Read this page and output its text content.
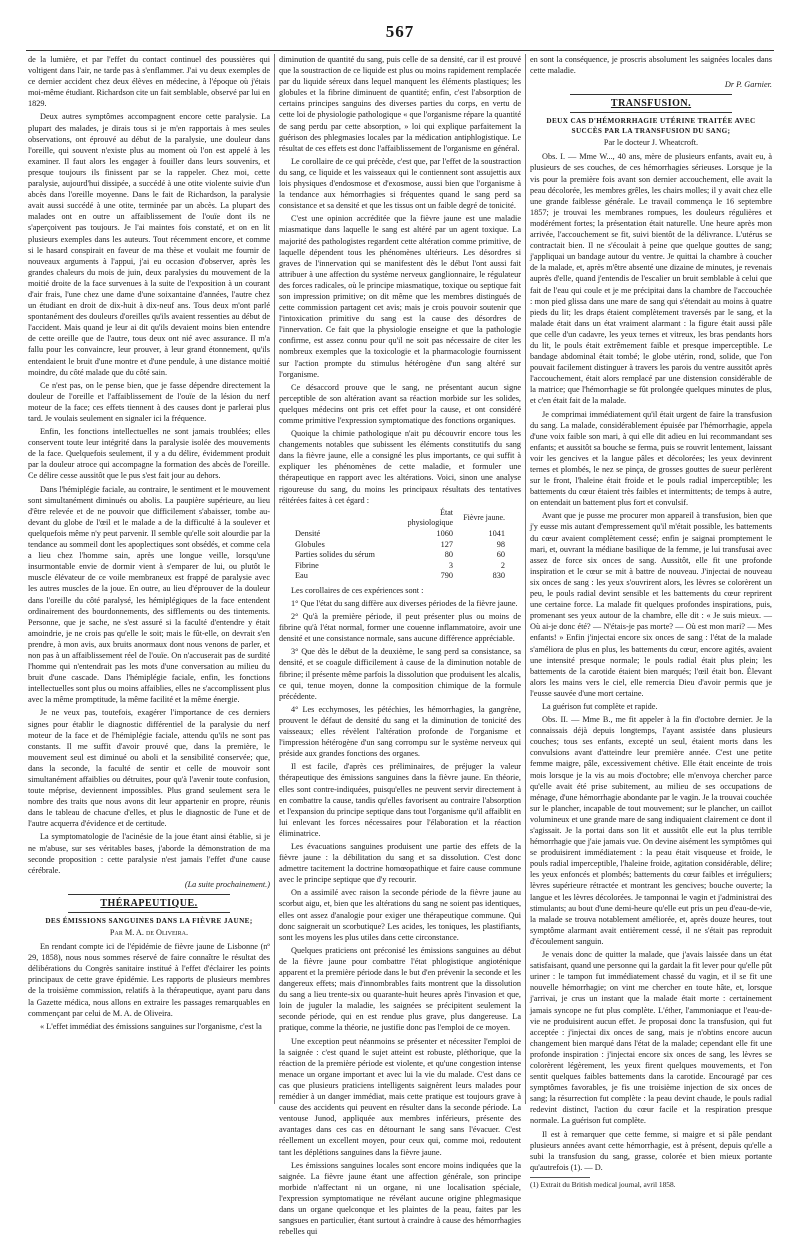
567

de la lumière, et par l'effet du contact continuel des poussières qui voltigent dans l'air, ne tarde pas à s'enflammer. J'ai vu deux exemples de ce dernier accident chez deux élèves en médecine, à l'époque où j'étais moi-même étudiant. Richardson cite un fait semblable, observé par lui en 1829.

Deux autres symptômes accompagnent encore cette paralysie. La plupart des malades, je dirais tous si je m'en rapportais à mes seules observations, ont éprouvé au début de la paralysie, une douleur dans l'oreille, qui souvent n'existe plus au moment où l'on est appelé à les examiner. Il faut alors les engager à fouiller dans leurs souvenirs, et presque toujours ils finissent par se la rappeler. Chez moi, cette paralysie, aujourd'hui dissipée, a succédé à une otite violente suivie d'un abcès dans l'oreille moyenne. Dans le fait de Richardson, la paralysie avait aussi succédé à une otite, terminée par un abcès. La plupart des malades ont en outre un affaiblissement de l'ouïe dont ils ne s'aperçoivent pas toujours. Je l'ai maintes fois constaté, et on en lit plusieurs exemples dans les auteurs. Tout récemment encore, et comme si le hasard conspirait en faveur de ma thèse et voulait me fournir de nouveaux arguments à l'appui, j'ai eu occasion d'observer, après les grandes chaleurs du mois de juin, deux paralysies du mouvement de la moitié droite de la face survenues à la suite de l'exposition à un courant d'air frais, l'une chez une dame d'une soixantaine d'années, l'autre chez un étudiant en droit de dix-huit à dix-neuf ans. Tous deux m'ont parlé spontanément des douleurs d'oreilles qu'ils avaient ressenties au début de l'accident. Mais quand je leur ai dit qu'ils devaient moins bien entendre de cette oreille que de l'autre, tous deux ont nié avec assurance. Il m'a fallu pour les convaincre, leur prouver, à leur grand étonnement, qu'ils entendaient le bruit d'une montre et d'une pendule, à une distance moitié moindre, du côté malade que du côté sain.

Ce n'est pas, on le pense bien, que je fasse dépendre directement la douleur de l'oreille et l'affaiblissement de l'ouïe de la lésion du nerf moteur de la face; ces effets tiennent à des causes dont je parlerai plus tard. Je voulais seulement en signaler ici la fréquence.

Enfin, les fonctions intellectuelles ne sont jamais troublées; elles conservent toute leur intégrité dans la paralysie isolée des mouvements de la face. Quelquefois seulement, il y a du délire, évidemment produit par la douleur atroce qui accompagne la formation des abcès de l'oreille. Ce délire cesse aussitôt que le pus s'est fait jour au dehors.

Dans l'hémiplégie faciale, au contraire, le sentiment et le mouvement sont simultanément diminués ou abolis. La paupière supérieure, au lieu d'être relevée et de ne pouvoir que difficilement s'abaisser, tombe au-devant du globe de l'œil et le malade a de la difficulté à la soulever et quelquefois même n'y peut parvenir. Il semble qu'elle soit alourdie par la tendance au sommeil dont les apoplectiques sont obsédés, et comme cela a lieu chez l'homme sain, après une longue veille, lorsqu'une insurmontable envie de dormir vient à s'emparer de lui, ou plutôt le muscle élévateur de ce voile membraneux est frappé de paralysie avec les autres muscles de la joue. En outre, au lieu d'éprouver de la douleur dans l'oreille du côté paralysé, les hémiplégiques de la face entendent ordinairement des bourdonnements, des sifflements ou des tintements. Personne, que je sache, ne s'est assuré si la faculté d'entendre y était amoindrie, je ne crois pas qu'elle le soit; mais le fût-elle, on devrait s'en prendre, à mon avis, aux bruits anormaux dont nous venons de parler, et non pas à un affaiblissement réel de l'ouïe. On n'accuserait pas de surdité l'homme qui n'entendrait pas les mots d'une conversation au milieu du bruit d'une cascade. Dans l'hémiplégie faciale, enfin, les fonctions intellectuelles sont plus ou moins affaiblies, elles ne s'accomplissent plus avec la même promptitude, la même facilité et la même énergie.

Je ne veux pas, toutefois, exagérer l'importance de ces derniers signes pour établir le diagnostic différentiel de la paralysie du nerf moteur de la face et de l'hémiplégie faciale, attendu qu'ils ne sont pas constants. Il me suffit d'avoir prouvé que, dans la première, le mouvement seul est diminué ou aboli et la sensibilité conservée; que, dans la seconde, la faculté de sentir et celle de mouvoir sont simultanément affaiblies ou détruites, pour qu'à l'avenir toute confusion, toute méprise, deviennent impossibles. Plus grand seulement sera le nombre des traits que nous avons dit leur appartenir en propre, réunis dans le tableau de chacune d'elles, et plus le diagnostic de l'une et de l'autre acquerra d'évidence et de certitude.

La symptomatologie de l'acinésie de la joue étant ainsi établie, si je ne m'abuse, sur ses véritables bases, j'aborde la démonstration de ma seconde proposition : cette paralysie n'est jamais l'effet d'une cause cérébrale.

(La suite prochainement.)
THÉRAPEUTIQUE.
DES ÉMISSIONS SANGUINES DANS LA FIÈVRE JAUNE;
Par M. A. de Oliveira.

En rendant compte ici de l'épidémie de fièvre jaune de Lisbonne (nº 29, 1858), nous nous sommes réservé de faire connaître le résultat des délibérations du Congrès sanitaire institué à l'effet d'éclairer les points principaux de cette grave épidémie. Les rapports de plusieurs membres de la troisième commission, relatifs à la thérapeutique, ayant paru dans la Gazette médica, nous allons en extraire les passages remarquables en commençant par celui de M. A. de Oliveira.

« L'effet immédiat des émissions sanguines sur l'organisme, c'est la

diminution de quantité du sang, puis celle de sa densité, car il est prouvé que la soustraction de ce liquide est plus ou moins rapidement remplacée par du liquide séreux dans lequel manquent les éléments plastiques; les globules et la fibrine diminuent de quantité; enfin, c'est l'absorption de certains principes sanguins des diverses parties du corps, en vertu de cette loi de physiologie pathologique « que l'organisme répare la quantité de sang perdu par cette absorption, » loi qui explique parfaitement la guérison des phlegmasies locales par la médication antiphlogistique. Le résultat de ces effets est donc l'affaiblissement de l'organisme en général.

Le corollaire de ce qui précède, c'est que, par l'effet de la soustraction du sang, ce liquide et les vaisseaux qui le contiennent sont assujettis aux lois physiques d'endosmose et d'exosmose, aussi bien que l'organisme à la tendance aux hémorrhagies si fréquentes quand le sang perd sa consistance et sa densité et que les tissus ont un faible degré de tonicité.

C'est une opinion accréditée que la fièvre jaune est une maladie miasmatique dans laquelle le sang est altéré par un agent toxique. La majorité des pathologistes regardent cette altération comme primitive, de laquelle dépendent tous les phénomènes ultérieurs. Les désordres si graves de l'innervation qui se manifestent dès le début l'ont aussi fait attribuer à une affection du système nerveux ganglionnaire, le régulateur des forces radicales, où le principe miasmatique, toxique ou septique fait son impression primitive; on dit même que les membres distingués de cette commission partagent cet avis; mais je crois pouvoir soutenir que l'intoxication primitive du sang est la cause des désordres de l'innervation. Ce fait que la physiologie enseigne et que la pathologie confirme, est assez connu pour qu'il ne soit pas nécessaire de citer les nombreux exemples que la toxicologie et la pharmacologie fournissent sur l'action prompte du stimulus hétérogène d'un sang altéré sur l'organisme.

Ce désaccord prouve que le sang, ne présentant aucun signe perceptible de son altération avant sa réaction morbide sur les solides, quelques médecins ont pris cet effet pour la cause, et ont considéré comme primitive l'expression symptomatique des fonctions organiques.

Quoique la chimie pathologique n'ait pu découvrir encore tous les changements notables que subissent les éléments constitutifs du sang dans la fièvre jaune, elle a consigné les plus importants, ce qui suffit à expliquer les phénomènes de cette maladie, et formuler une thérapeutique en rapport avec les altérations. Voici, sinon une analyse rigoureuse du sang, du moins les principaux résultats des tentatives réitérées faites à cet égard :

	État physiologique	Fièvre jaune.
Densité	1060	1041
Globules	127	98
Parties solides du sérum	80	60
Fibrine	3	2
Eau	790	830

Les corollaires de ces expériences sont :

1° Que l'état du sang diffère aux diverses périodes de la fièvre jaune.

2° Qu'à la première période, il peut présenter plus ou moins de fibrine qu'à l'état normal, former une couenne inflammatoire, avoir une densité et une consistance normale, sans aucune différence appréciable.

3° Que dès le début de la deuxième, le sang perd sa consistance, sa densité, et se coagule difficilement à cause de la diminution notable de fibrine; il présente même parfois la dissolution que produisent les alcalis, ce qui, tenue moyen, donne la composition chimique de la formule précédente.

4° Les ecchymoses, les pétéchies, les hémorrhagies, la gangrène, prouvent le défaut de densité du sang et la diminution de tonicité des vaisseaux; elles révèlent l'altération profonde de l'organisme et l'impression hétérogène d'un sang corrompu sur le système nerveux qui préside aux grandes fonctions des organes.

Il est facile, d'après ces préliminaires, de préjuger la valeur thérapeutique des émissions sanguines dans la fièvre jaune. En théorie, elles sont contre-indiquées, puisqu'elles ne peuvent servir directement à en combattre la cause, tandis qu'elles favorisent au contraire l'absorption et l'expansion du principe septique dans tout l'organisme qu'il affaiblit en lui enlevant les forces nécessaires pour l'élaboration et la réaction éliminatrice.

Les évacuations sanguines produisent une partie des effets de la fièvre jaune : la débilitation du sang et sa dissolution. C'est donc admettre tacitement la doctrine homœopathique et faire cause commune avec le principe septique que d'y recourir.

On a assimilé avec raison la seconde période de la fièvre jaune au scorbut aigu, et, bien que les altérations du sang ne soient pas identiques, elles ont assez d'analogie pour exiger une thérapeutique commune. Qui donc saignerait un scorbutique? Les acides, les toniques, les plastifiants, sont les moyens les plus utiles dans cette circonstance.

Quelques praticiens ont préconisé les émissions sanguines au début de la fièvre jaune pour combattre l'état phlogistique angioténique apparent et la première période dans le but d'en prévenir la seconde et les dangereux effets; mais d'innombrables faits montrent que la dissolution du sang a lieu trente-six ou quarante-huit heures après l'invasion et que, loin de juguler la maladie, les saignées se précipitent seulement la seconde période, qui en est rendue plus grave, plus dangereuse. La pratique, comme la théorie, ne justifie donc pas l'emploi de ce moyen.

Une exception peut néanmoins se présenter et nécessiter l'emploi de la saignée : c'est quand le sujet atteint est robuste, pléthorique, que la réaction de la première période est violente, et qu'une congestion intense menace un organe important et avec lui la vie du malade. C'est dans ce cas que plusieurs praticiens intelligents saignèrent leurs malades pour remédier à un danger immédiat, mais cette pratique est toujours grave à cause des accidents qui peuvent en résulter dans la seconde période. La ventouse Junod, appliquée aux membres inférieurs, présente des avantages dans ces cas en détournant le sang sans l'évacuer. C'est réellement un excellent moyen, pour ceux qui, comme moi, redoutent tant les déplétions sanguines dans la fièvre jaune.

Les émissions sanguines locales sont encore moins indiquées que la saignée. La fièvre jaune étant une affection générale, son principe morbide n'affectant ni un organe, ni une localisation spéciale, l'expression symptomatique ne révélant aucune origine phlegmasique dans un organe quelconque et les plaintes de la peau, faites par les sangsues en particulier, étant surtout à craindre à cause des hémorrhagies rebelles qui

en sont la conséquence, je proscris absolument les saignées locales dans cette maladie.

Dr P. Garnier.
TRANSFUSION.
DEUX CAS D'HÉMORRHAGIE UTÉRINE TRAITÉE AVEC SUCCÈS PAR LA TRANSFUSION DU SANG;
Par le docteur J. Wheatcroft.

Obs. I. — Mme W..., 40 ans, mère de plusieurs enfants, avait eu, à plusieurs de ses couches, de ces hémorrhagies sérieuses. Lorsque je la vis pour la première fois avant son dernier accouchement, elle avait la peau décolorée, les membres grêles, les chairs molles; il y avait chez elle une grande faiblesse générale. Le travail commença le 16 septembre 1857; je trouvai les membranes rompues, les douleurs régulières et modérément fortes; la présentation était naturelle. Une heure après mon arrivée, l'accouchement se fit, suivi bientôt de la délivrance. L'utérus se contractait bien. Il ne s'écoulait à peine que quelque gouttes de sang; j'appliquai un bandage autour du ventre. Je quittai la chambre à coucher de la malade, et, après m'être absenté une dizaine de minutes, je revenais auprès d'elle, quand j'entendis de l'escalier un bruit semblable à celui que fait de l'eau qui coule et je me précipitai dans la chambre de l'accouchée : mon pied glissa dans une mare de sang qui s'étendait au moins à quatre pieds du lit; les draps étaient complètement traversés par le sang, et la malade était dans un état vraiment alarmant : la figure était aussi pâle que celle d'un cadavre, les yeux ternes et vitreux, les bras pendants hors du lit, le pouls était extrêmement faible et presque imperceptible. Le bandage abdominal était tombé; le globe utérin, rond, solide, que l'on pouvait facilement distinguer à travers les parois du ventre aussitôt après l'accouchement, était alors remplacé par une distension considérable de la matrice; que l'hémorrhagie se fût prolongée quelques minutes de plus, et c'en était fait de la malade.

Je comprimai immédiatement qu'il était urgent de faire la transfusion du sang. La malade, considérablement épuisée par l'hémorrhagie, appela d'une voix faible son mari, à qui elle dit adieu en lui recommandant ses enfants; et aussitôt sa bouche se ferma, puis se rouvrit lentement, laissant voir les gencives et la langue pâles et décolorées; les yeux devinrent ternes et plombés, le nez se pinça, de grosses gouttes de sueur perlèrent sur le front, l'haleine était froide et le pouls radial imperceptible; les battements du cœur étaient très faibles et intermittents; de temps à autre, on entendait un battement plus fort et convulsif.

Avant que je pusse me procurer mon appareil à transfusion, bien que j'y eusse mis autant d'empressement qu'il m'était possible, les battements du cœur avaient complètement cessé; enfin je saignai promptement le mari, et, ouvrant la médiane basilique de la femme, je lui transfusai avec assez de force six onces de sang. Aussitôt, elle fit une profonde inspiration et le cœur se mit à battre de nouveau. J'injectai de nouveau six onces de sang : les yeux s'ouvrirent alors, les lèvres se colorèrent un peu, le pouls radial devint sensible et les battements du cœur reprirent une certaine force. La malade fit quelques profondes inspirations, puis, promenant ses yeux autour de la chambre, elle dit : « Je suis mieux. — Où ai-je donc été? — N'étais-je pas morte? — Où est mon mari? — Mes enfants! » Enfin j'injectai encore six onces de sang : l'état de la malade s'améliora de plus en plus, les battements du cœur, encore agités, avaient une intensité presque normale; le pouls radial était plus plein; les battements de la carotide étaient bien marqués; l'œil était bon. Élevant alors les mains vers le ciel, elle remercia Dieu d'avoir permis que je l'eusse sauvée d'une mort certaine.

La guérison fut complète et rapide.

Obs. II. — Mme B., me fit appeler à la fin d'octobre dernier. Je la connaissais déjà depuis longtemps, l'ayant assistée dans plusieurs couches; tous ses enfants, excepté un seul, étaient morts dans les convulsions avant d'atteindre leur première année. C'est une petite femme maigre, pâle, excessivement chétive. Elle était enceinte de trois mois lorsque je la vis au mois d'octobre; elle m'envoya chercher parce qu'elle avait été prise subitement, au milieu de ses occupations de ménage, d'une hémorrhagie abondante par le vagin. Je la trouvai couchée sur le plancher, incapable de tout mouvement; sur le plancher, un caillot volumineux et une grande mare de sang indiquaient clairement ce dont il s'agissait. Je la portai dans son lit et aussitôt elle eut la plus terrible hémorrhagie que j'aie jamais vue. On devine aisément les symptômes qui se produisirent immédiatement : la peau était visqueuse et froide, le pouls radial imperceptible, l'haleine froide, agitation considérable, délire; les yeux enfoncés et plombés; battements du cœur faibles et irréguliers; lèvres supérieure rétractée et montrant les gencives; bouche ouverte; la langue et les lèvres décolorées. Je tamponnai le vagin et j'administrai des stimulants; au bout d'une demi-heure qu'elle eut pris un peu d'eau-de-vie, la malade se trouva notablement améliorée, et, après douze heures, tout symptôme alarmant avait entièrement cessé, il ne s'était pas reproduit d'écoulement sanguin.

Je venais donc de quitter la malade, que j'avais laissée dans un état satisfaisant, quand une personne qui la gardait la fit lever pour qu'elle pût uriner : le tampon fut immédiatement chassé du vagin, et il se fit une nouvelle hémorrhagie; on vint me chercher en toute hâte, et, lorsque j'arrivai, je crus un instant que la malade était morte : certainement jamais syncope ne fut plus complète. L'éther, l'ammoniaque et l'eau-de-vie ne produisirent aucun effet. Je proposai donc la transfusion, qui fut acceptée : j'injectai dix onces de sang, mais je n'obtins encore aucun changement bien marqué dans l'état de la malade; cependant elle fit une profonde inspiration : j'injectai encore six onces de sang, les lèvres se colorèrent légèrement, les yeux firent quelques mouvements, et l'on sentit quelques faibles battements dans la carotide. Encouragé par ces symptômes favorables, je fis une troisième injection de six onces de sang; la résurrection fut complète : la peau devint chaude, le pouls radial redevint distinct, l'action du cœur facile et la respiration presque normale. La guérison fut complète.

Il est à remarquer que cette femme, si maigre et si pâle pendant plusieurs années avant cette hémorrhagie, est à présent, depuis qu'elle a subi la transfusion du sang, grasse, colorée et bien mieux portante qu'autrefois (1). — D.

(1) Extrait du British medical journal, avril 1858.
